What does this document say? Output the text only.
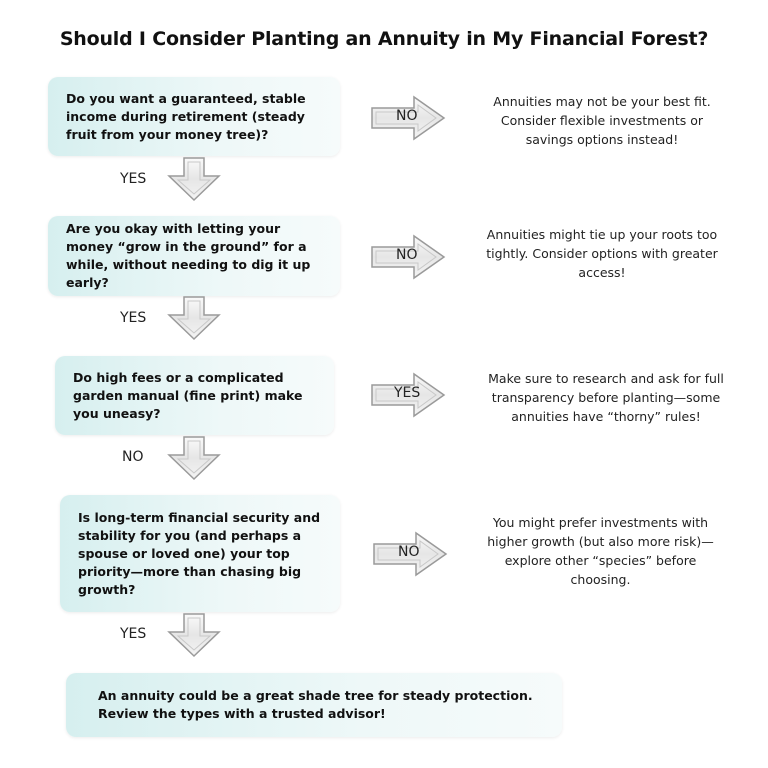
Should I Consider Planting an Annuity in My Financial Forest?
Do you want a guaranteed, stable income during retirement (steady fruit from your money tree)?
Are you okay with letting your money “grow in the ground” for a while, without needing to dig it up early?
Do high fees or a complicated garden manual (fine print) make you uneasy?
Is long-term financial security and stability for you (and perhaps a spouse or loved one) your top priority—more than chasing big growth?
An annuity could be a great shade tree for steady protection. Review the types with a trusted advisor!
Annuities may not be your best fit. Consider flexible investments or savings options instead!
Annuities might tie up your roots too tightly. Consider options with greater access!
Make sure to research and ask for full transparency before planting—some annuities have “thorny” rules!
You might prefer investments with higher growth (but also more risk)—explore other “species” before choosing.
YES
YES
NO
YES
NO
NO
YES
NO
